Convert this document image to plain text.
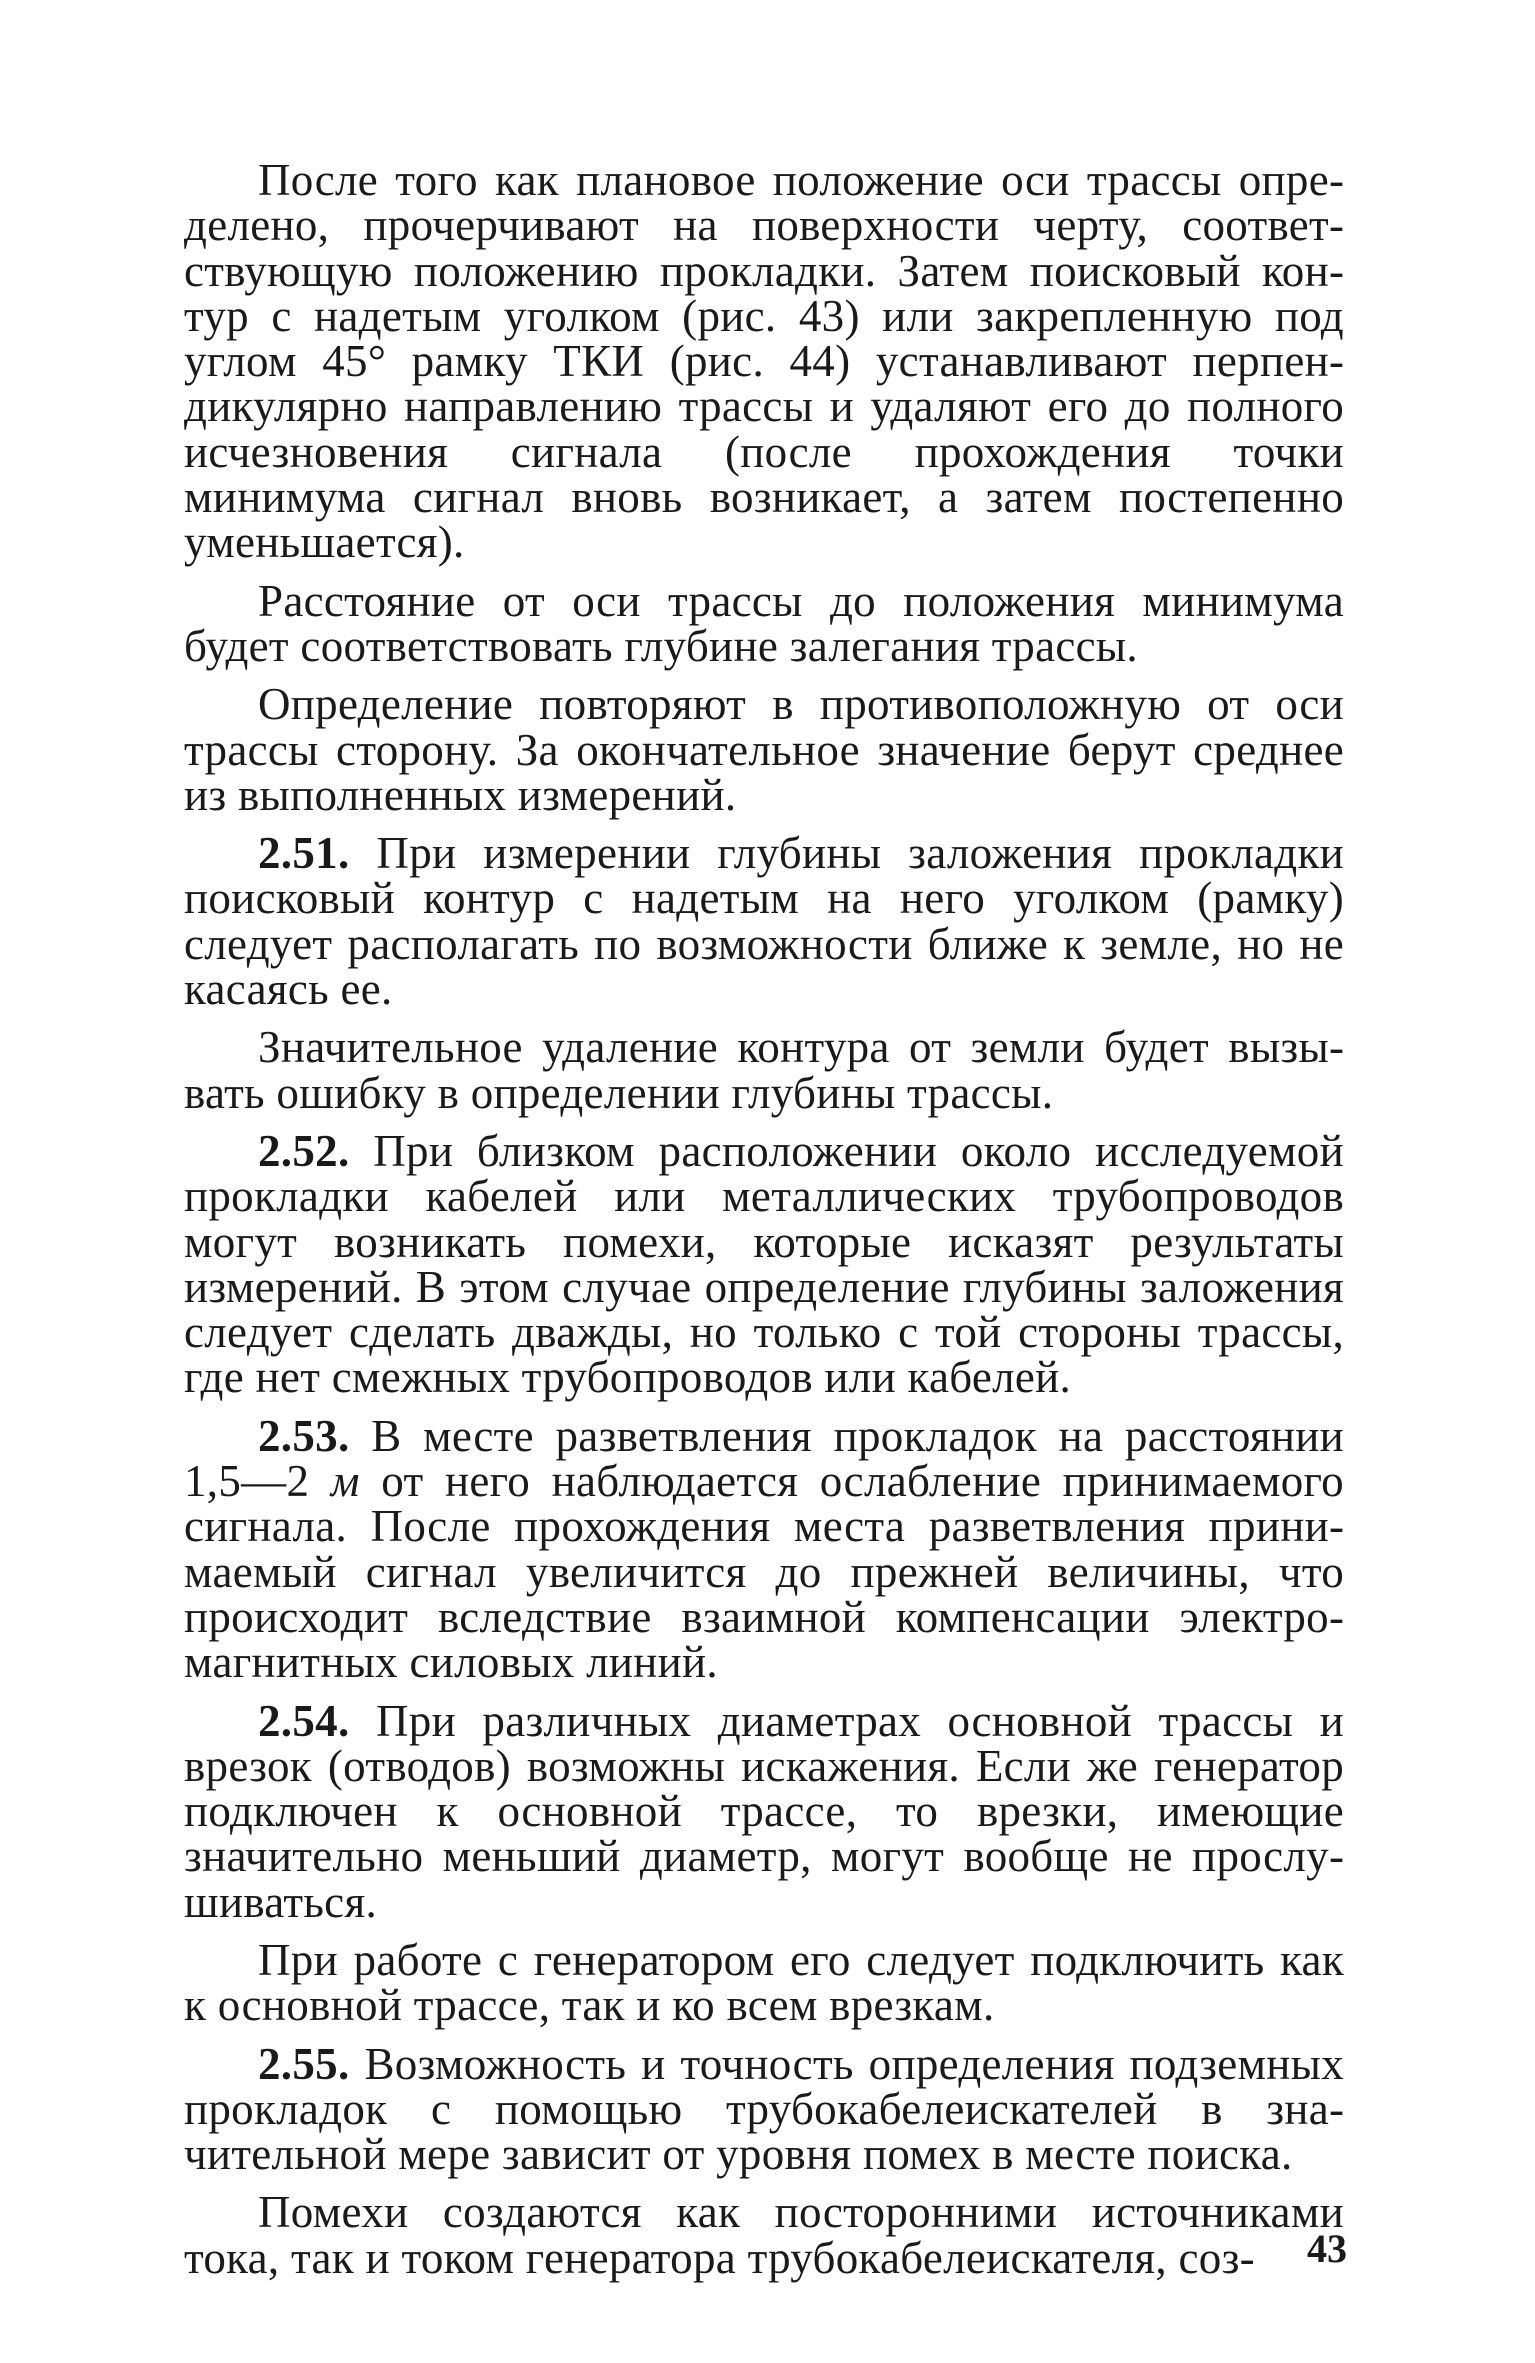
После того как плановое положение оси трассы определено, прочерчивают на поверхности черту, соответствующую положению прокладки. Затем поисковый контур с надетым уголком (рис. 43) или закрепленную под углом 45° рамку ТКИ (рис. 44) устанавливают перпендикулярно направлению трассы и удаляют его до полного исчезновения сигнала (после прохождения точки минимума сигнал вновь возникает, а затем постепенно уменьшается).

Расстояние от оси трассы до положения минимума будет соответствовать глубине залегания трассы.

Определение повторяют в противоположную от оси трассы сторону. За окончательное значение берут среднее из выполненных измерений.

2.51. При измерении глубины заложения прокладки поисковый контур с надетым на него уголком (рамку) следует располагать по возможности ближе к земле, но не касаясь ее.

Значительное удаление контура от земли будет вызывать ошибку в определении глубины трассы.

2.52. При близком расположении около исследуемой прокладки кабелей или металлических трубопроводов могут возникать помехи, которые исказят результаты измерений. В этом случае определение глубины заложения следует сделать дважды, но только с той стороны трассы, где нет смежных трубопроводов или кабелей.

2.53. В месте разветвления прокладок на расстоянии 1,5—2 м от него наблюдается ослабление принимаемого сигнала. После прохождения места разветвления принимаемый сигнал увеличится до прежней величины, что происходит вследствие взаимной компенсации электромагнитных силовых линий.

2.54. При различных диаметрах основной трассы и врезок (отводов) возможны искажения. Если же генератор подключен к основной трассе, то врезки, имеющие значительно меньший диаметр, могут вообще не прослушиваться.

При работе с генератором его следует подключить как к основной трассе, так и ко всем врезкам.

2.55. Возможность и точность определения подземных прокладок с помощью трубокабелеискателей в значительной мере зависит от уровня помех в месте поиска.

Помехи создаются как посторонними источниками тока, так и током генератора трубокабелеискателя, соз-	43
